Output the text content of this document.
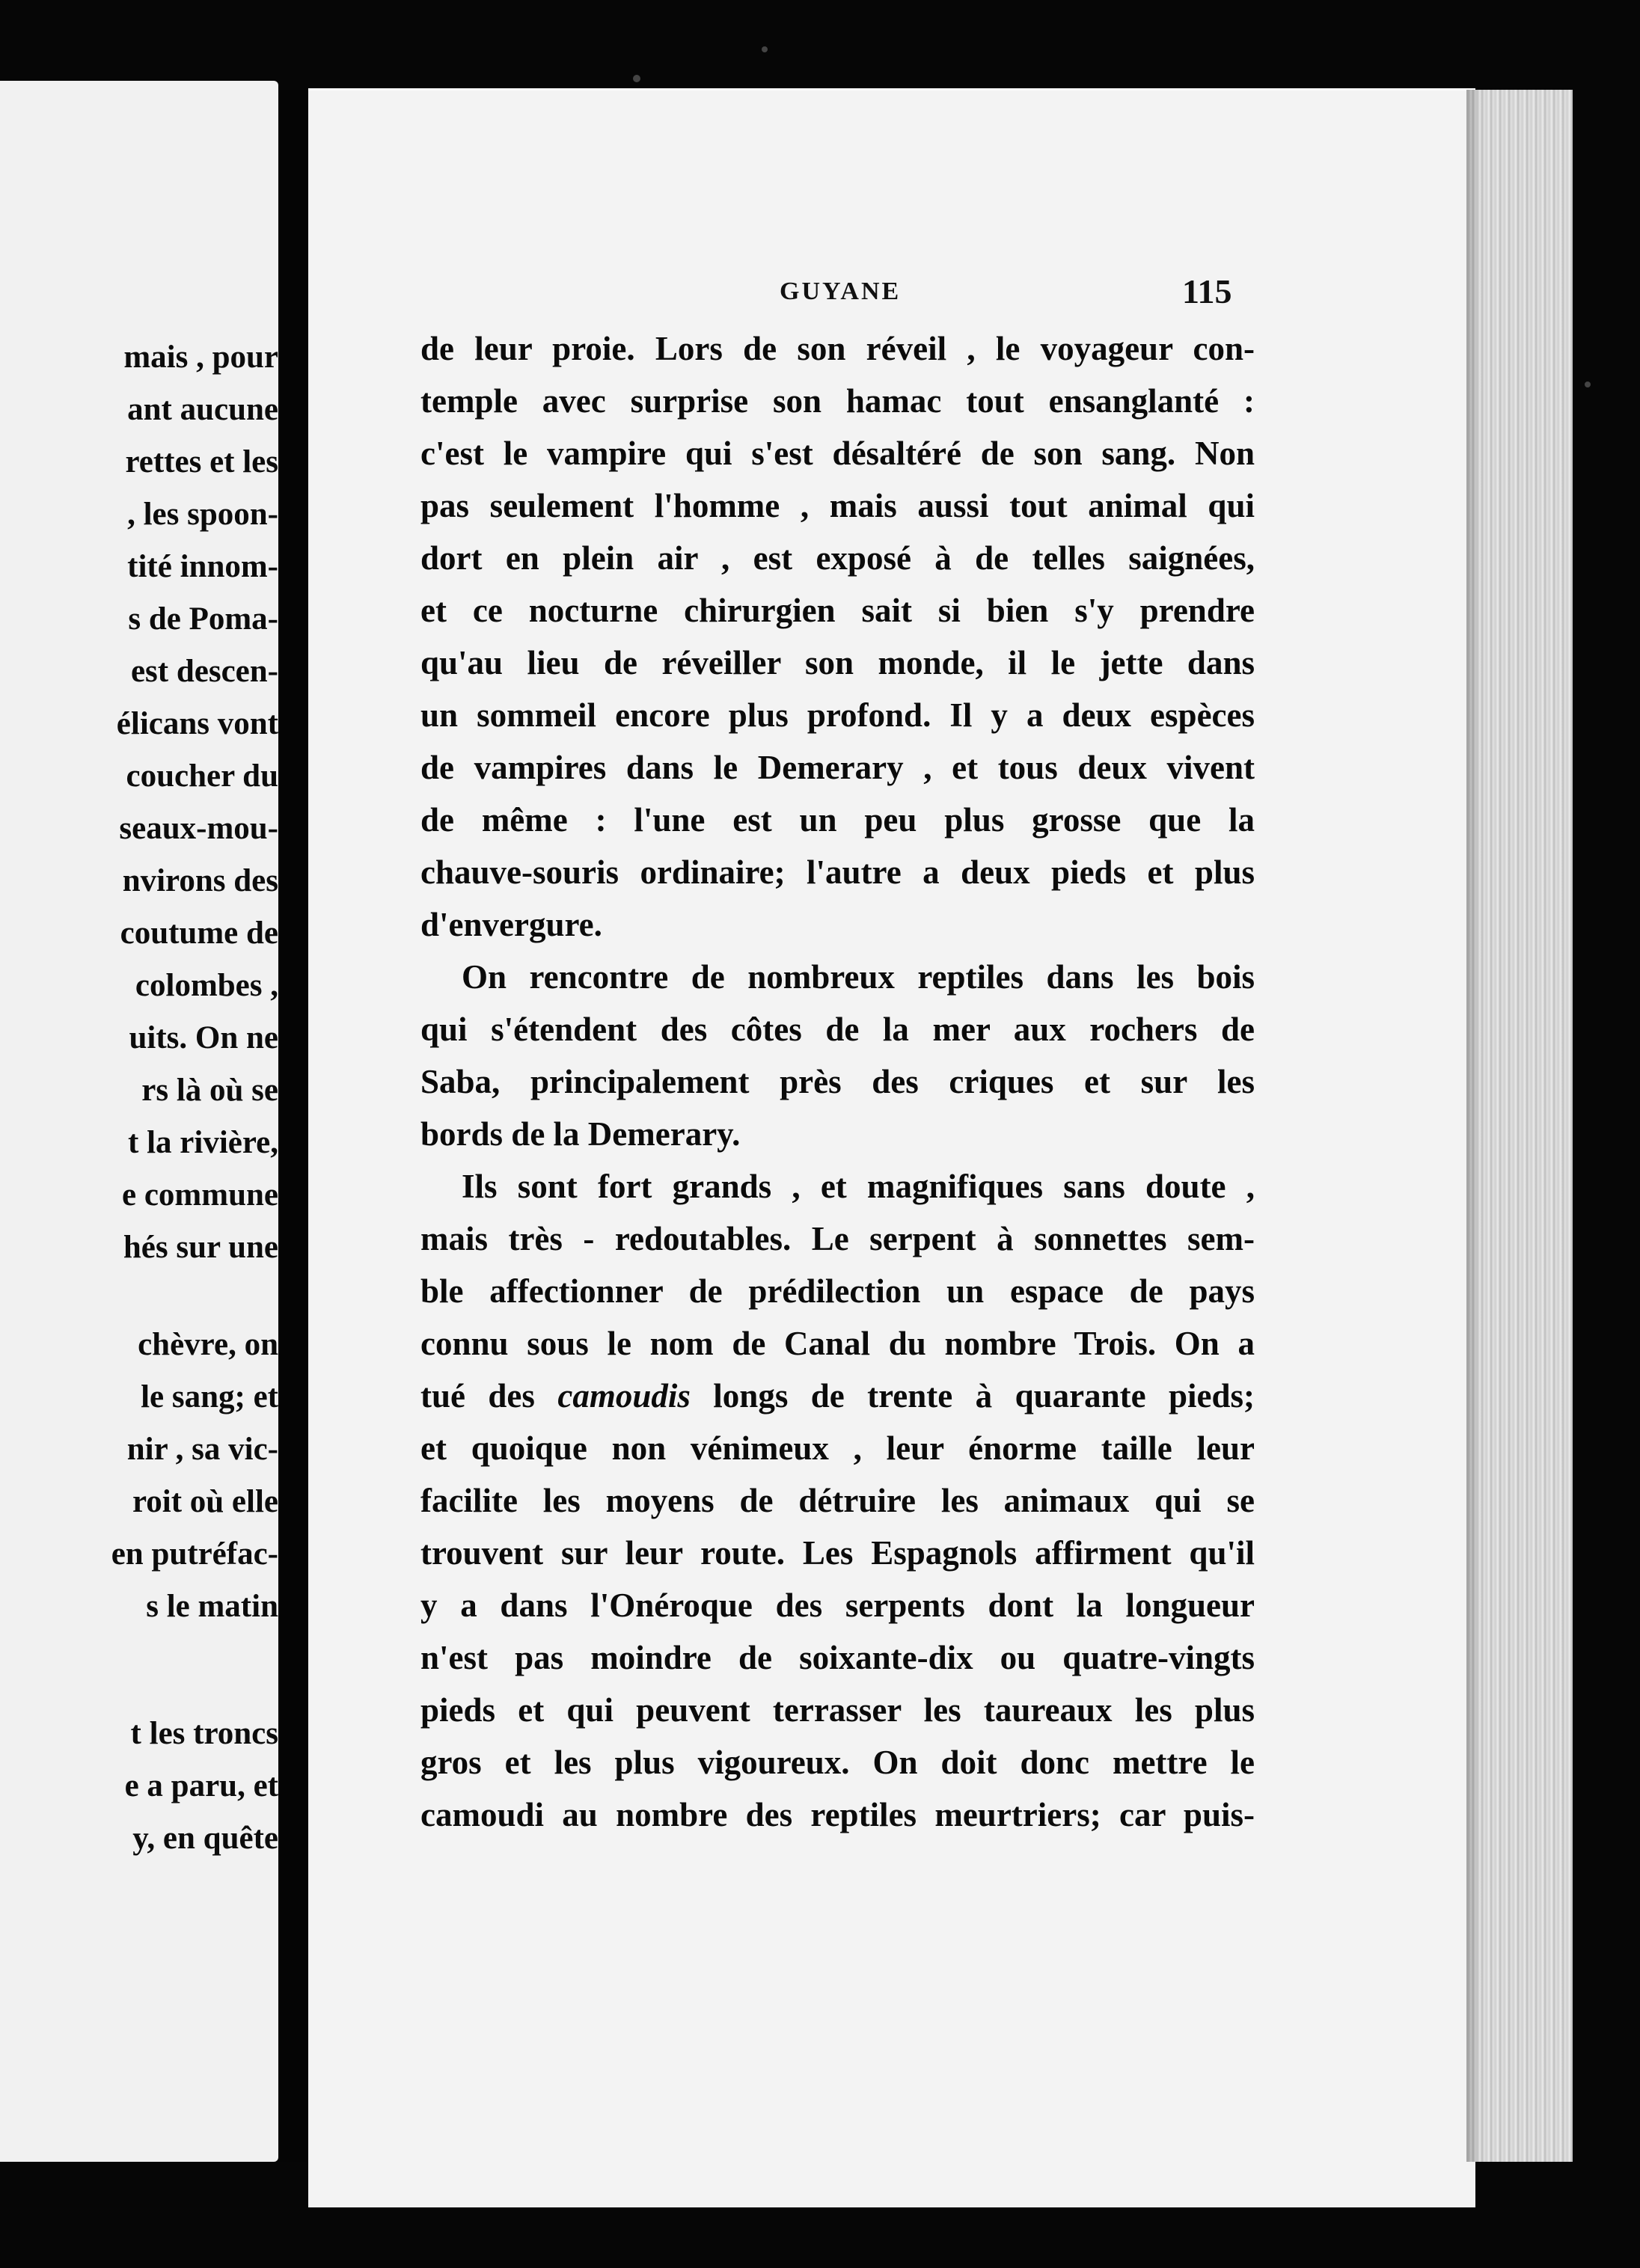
mais , pour
ant aucune
rettes et les
, les spoon-
tité innom-
s de Poma-
est descen-
élicans vont
coucher du
seaux-mou-
nvirons des
coutume de
colombes ,
uits. On ne
rs là où se
t la rivière,
e commune
hés sur une
chèvre, on
le sang; et
nir , sa vic-
roit où elle
en putréfac-
s le matin
t les troncs
e a paru, et
y, en quête
GUYANE	115
de leur proie. Lors de son réveil , le voyageur con-
temple avec surprise son hamac tout ensanglanté :
c'est le vampire qui s'est désaltéré de son sang. Non
pas seulement l'homme , mais aussi tout animal qui
dort en plein air , est exposé à de telles saignées,
et ce nocturne chirurgien sait si bien s'y prendre
qu'au lieu de réveiller son monde, il le jette dans
un sommeil encore plus profond. Il y a deux espèces
de vampires dans le Demerary , et tous deux vivent
de même : l'une est un peu plus grosse que la
chauve-souris ordinaire; l'autre a deux pieds et plus
d'envergure.
On rencontre de nombreux reptiles dans les bois
qui s'étendent des côtes de la mer aux rochers de
Saba, principalement près des criques et sur les
bords de la Demerary.
Ils sont fort grands , et magnifiques sans doute ,
mais très - redoutables. Le serpent à sonnettes sem-
ble affectionner de prédilection un espace de pays
connu sous le nom de Canal du nombre Trois. On a
tué des camoudis longs de trente à quarante pieds;
et quoique non vénimeux , leur énorme taille leur
facilite les moyens de détruire les animaux qui se
trouvent sur leur route. Les Espagnols affirment qu'il
y a dans l'Onéroque des serpents dont la longueur
n'est pas moindre de soixante-dix ou quatre-vingts
pieds et qui peuvent terrasser les taureaux les plus
gros et les plus vigoureux. On doit donc mettre le
camoudi au nombre des reptiles meurtriers; car puis-
